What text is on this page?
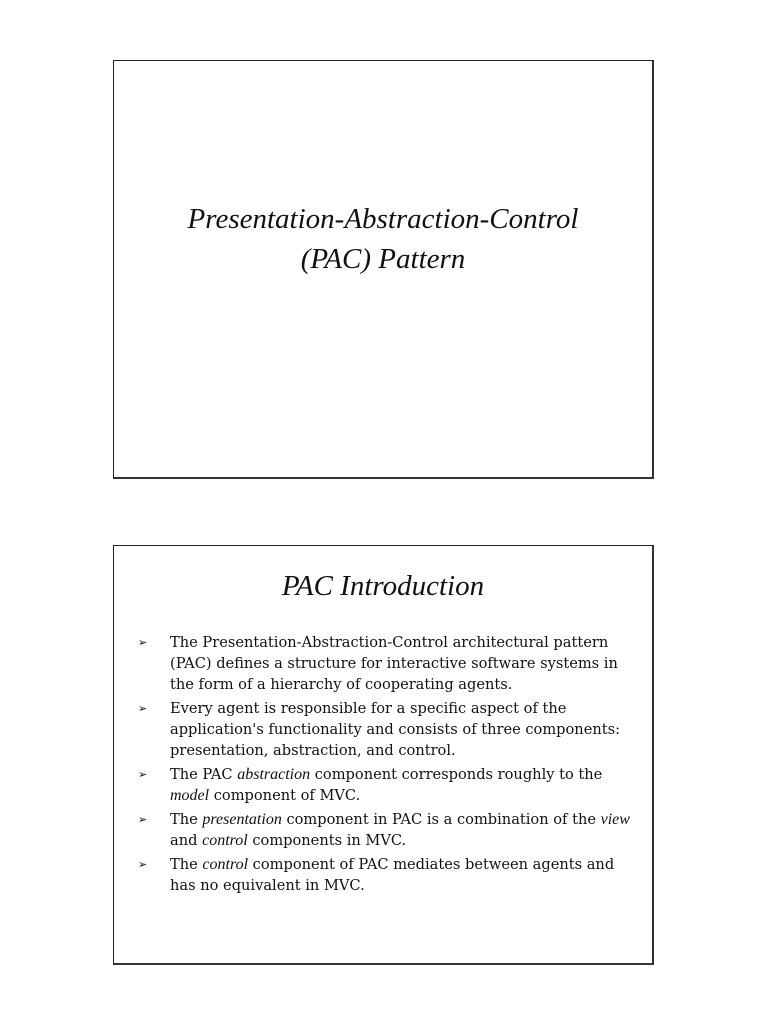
Presentation-Abstraction-Control
(PAC) Pattern
PAC Introduction
➢ The Presentation-Abstraction-Control architectural pattern (PAC) defines a structure for interactive software systems in the form of a hierarchy of cooperating agents.
➢ Every agent is responsible for a specific aspect of the application's functionality and consists of three components: presentation, abstraction, and control.
➢ The PAC abstraction component corresponds roughly to the model component of MVC.
➢ The presentation component in PAC is a combination of the view and control components in MVC.
➢ The control component of PAC mediates between agents and has no equivalent in MVC.
